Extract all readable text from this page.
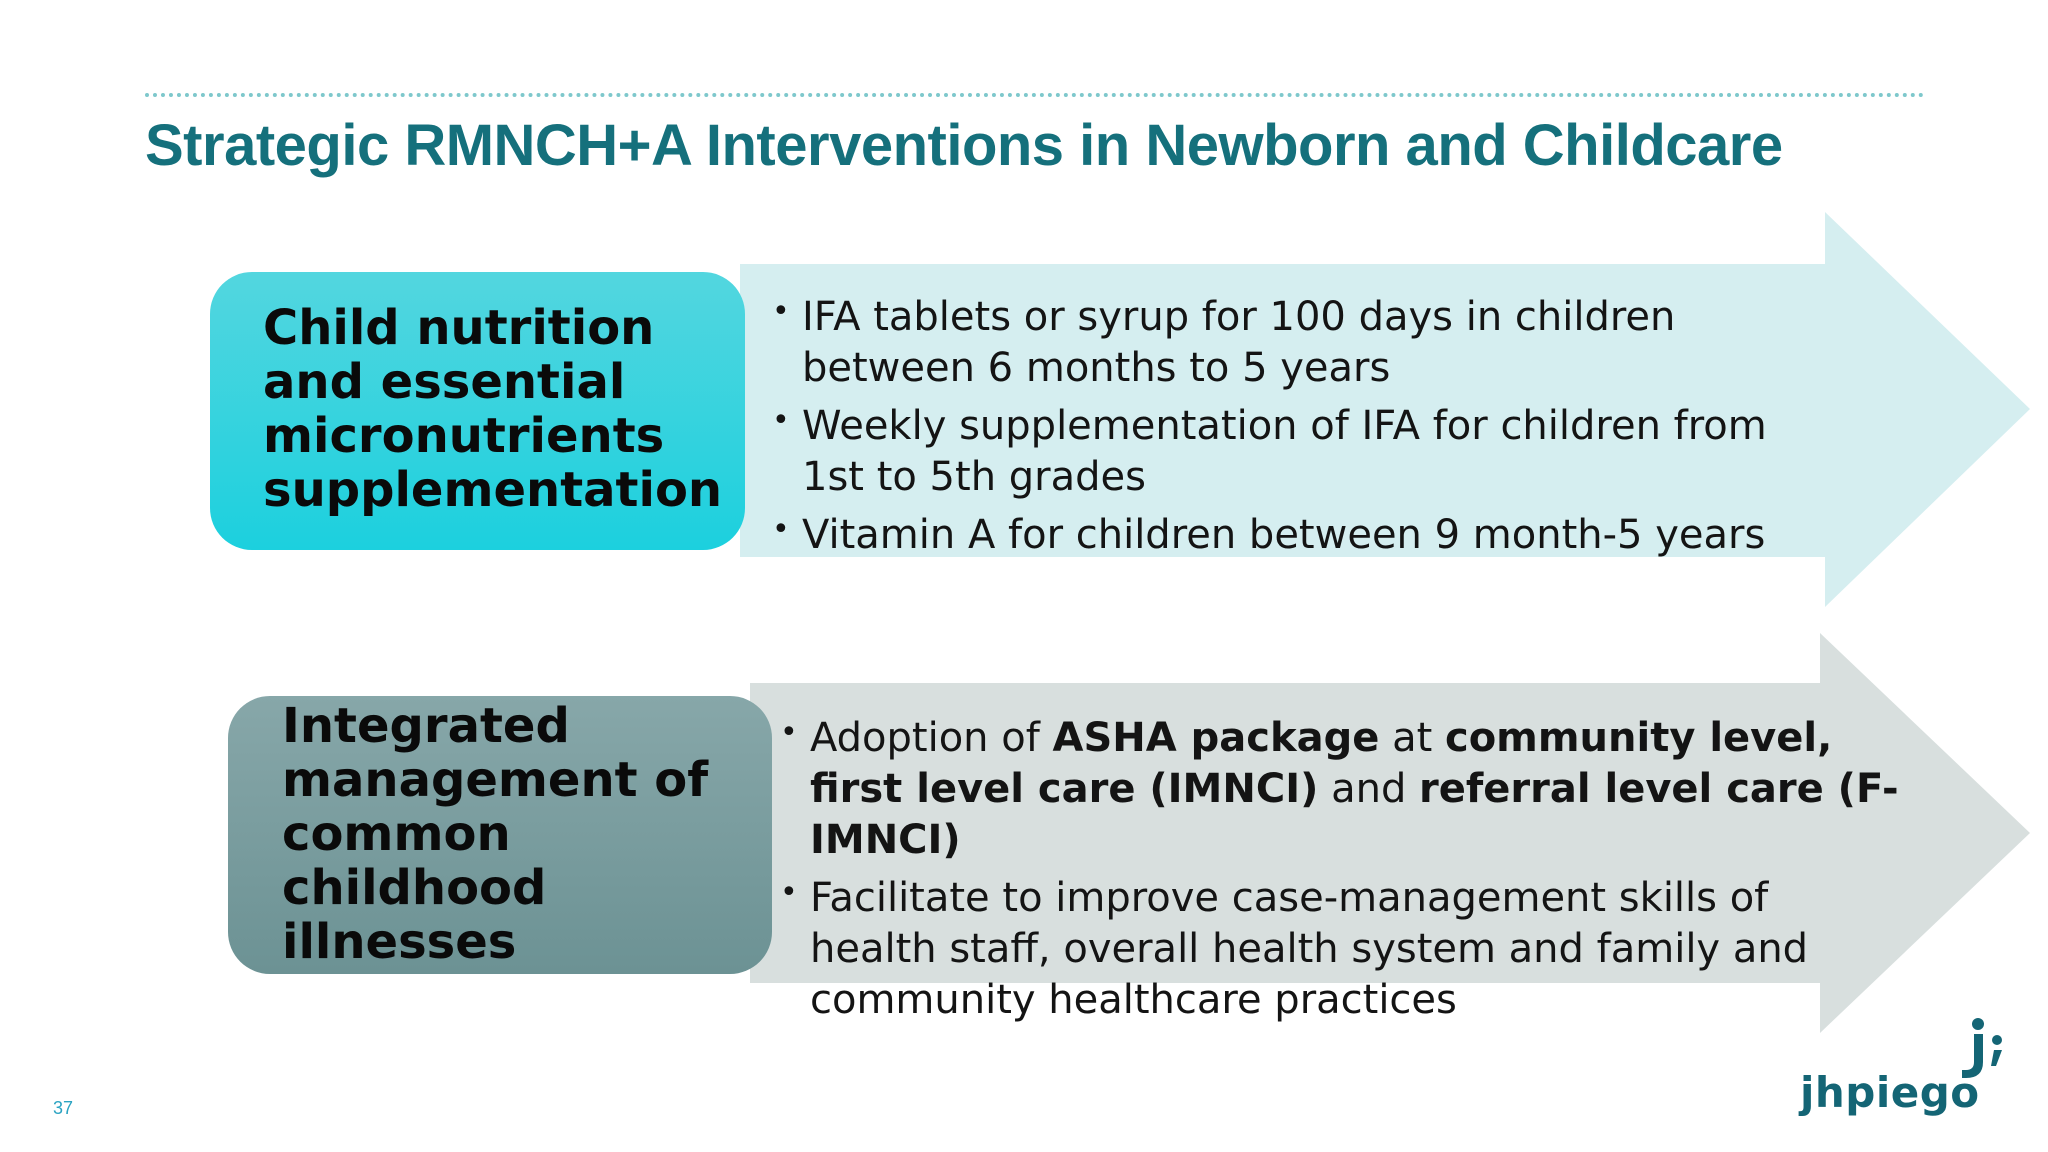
Strategic RMNCH+A Interventions in Newborn and Childcare
Child nutrition
and essential
micronutrients
supplementation
• IFA tablets or syrup for 100 days in children
between 6 months to 5 years
• Weekly supplementation of IFA for children from
1st to 5th grades
• Vitamin A for children between 9 month-5 years
Integrated
management of
common
childhood
illnesses
• Adoption of ASHA package at community level,
first level care (IMNCI) and referral level care (F-
IMNCI)
• Facilitate to improve case-management skills of
health staff, overall health system and family and
community healthcare practices
37	jhpiego
